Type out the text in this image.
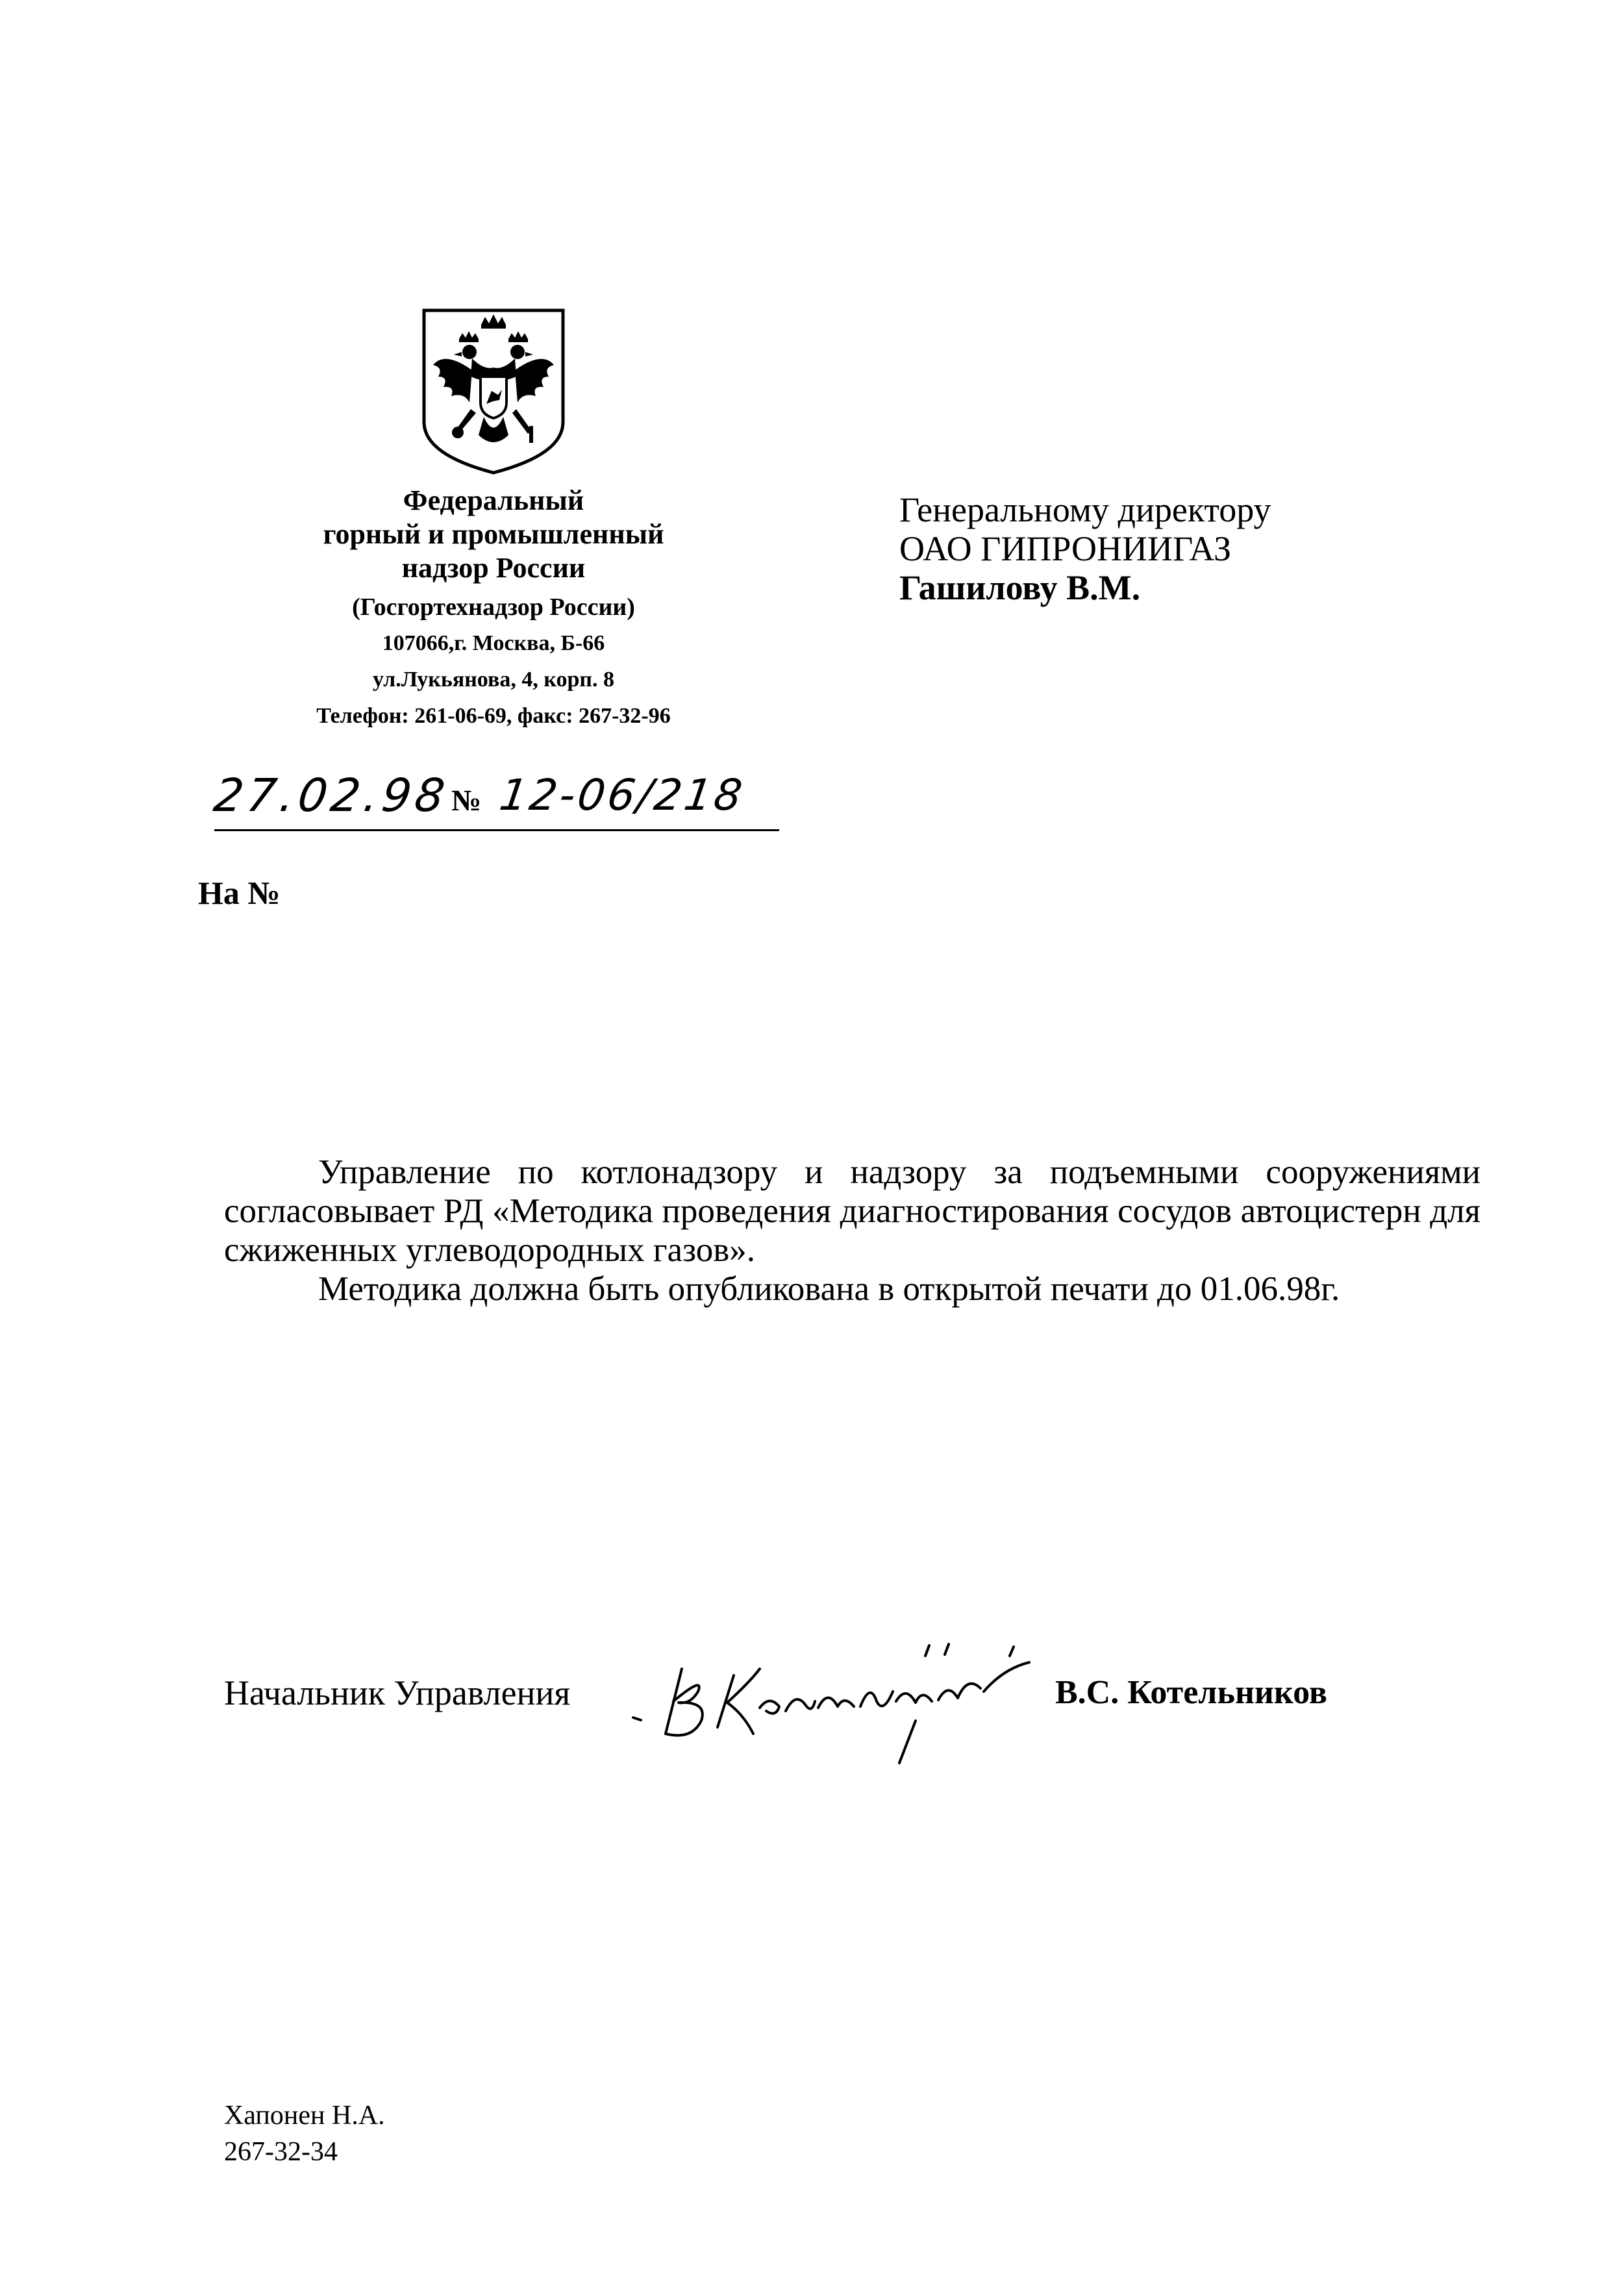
Федеральный
горный и промышленный
надзор России
(Госгортехнадзор России)
107066,г. Москва, Б-66
ул.Лукьянова, 4, корп. 8
Телефон: 261-06-69, факс: 267-32-96
Генеральному директору
ОАО ГИПРОНИИГАЗ
Гашилову В.М.
27.02.98 № 12-06/218
На №

Управление по котлонадзору и надзору за подъемными сооружениями согласовывает РД «Методика проведения диагностирования сосудов автоцистерн для сжиженных углеводородных газов».

Методика должна быть опубликована в открытой печати до 01.06.98г.

Начальник Управления	В.С. Котельников
Хапонен Н.А.
267-32-34
